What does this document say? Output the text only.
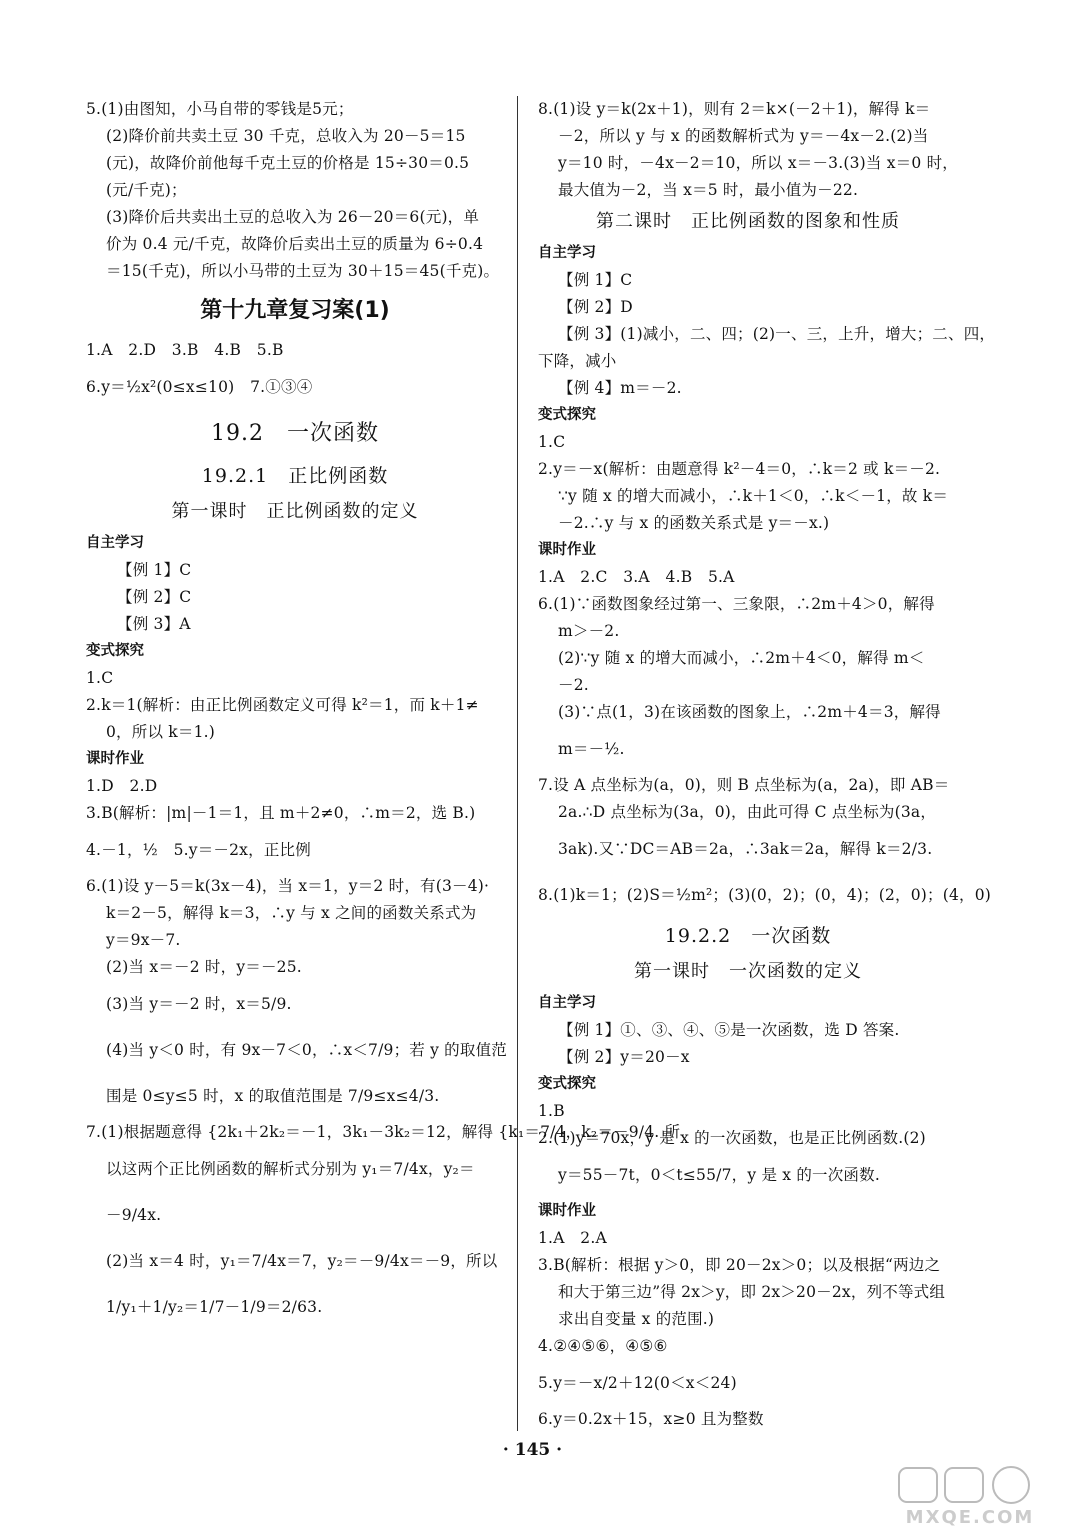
5.(1)由图知，小马自带的零钱是5元；
(2)降价前共卖土豆 30 千克，总收入为 20－5＝15
(元)，故降价前他每千克土豆的价格是 15÷30＝0.5
(元/千克)；
(3)降价后共卖出土豆的总收入为 26－20＝6(元)，单
价为 0.4 元/千克，故降价后卖出土豆的质量为 6÷0.4
＝15(千克)，所以小马带的土豆为 30＋15＝45(千克)。
第十九章复习案(1)
1.A　2.D　3.B　4.B　5.B
6.y＝½x²(0≤x≤10)　7.①③④
19.2　一次函数
19.2.1　正比例函数
第一课时　正比例函数的定义
自主学习
【例 1】C
【例 2】C
【例 3】A
变式探究
1.C
2.k＝1(解析：由正比例函数定义可得 k²＝1，而 k＋1≠
0，所以 k＝1.)
课时作业
1.D　2.D
3.B(解析：|m|－1＝1，且 m＋2≠0，∴m＝2，选 B.)
4.－1，½　5.y＝－2x，正比例
6.(1)设 y－5＝k(3x－4)，当 x＝1，y＝2 时，有(3－4)·
k＝2－5，解得 k＝3，∴y 与 x 之间的函数关系式为
y＝9x－7.
(2)当 x＝－2 时，y＝－25.
(3)当 y＝－2 时，x＝5/9.
(4)当 y＜0 时，有 9x－7＜0，∴x＜7/9；若 y 的取值范
围是 0≤y≤5 时，x 的取值范围是 7/9≤x≤4/3.
7.(1)根据题意得 {2k₁＋2k₂＝－1，3k₁－3k₂＝12，解得 {k₁＝7/4，k₂＝－9/4. 所
以这两个正比例函数的解析式分别为 y₁＝7/4x，y₂＝
－9/4x.
(2)当 x＝4 时，y₁＝7/4x＝7，y₂＝－9/4x＝－9，所以
1/y₁＋1/y₂＝1/7－1/9＝2/63.
8.(1)设 y＝k(2x＋1)，则有 2＝k×(－2＋1)，解得 k＝
－2，所以 y 与 x 的函数解析式为 y＝－4x－2.(2)当
y＝10 时，－4x－2＝10，所以 x＝－3.(3)当 x＝0 时，
最大值为－2，当 x＝5 时，最小值为－22.
第二课时　正比例函数的图象和性质
自主学习
【例 1】C
【例 2】D
【例 3】(1)减小，二、四；(2)一、三，上升，增大；二、四，
下降，减小
【例 4】m＝－2.
变式探究
1.C
2.y＝－x(解析：由题意得 k²－4＝0，∴k＝2 或 k＝－2.
∵y 随 x 的增大而减小，∴k＋1＜0，∴k＜－1，故 k＝
－2.∴y 与 x 的函数关系式是 y＝－x.)
课时作业
1.A　2.C　3.A　4.B　5.A
6.(1)∵函数图象经过第一、三象限，∴2m＋4＞0，解得
m＞－2.
(2)∵y 随 x 的增大而减小，∴2m＋4＜0，解得 m＜
－2.
(3)∵点(1，3)在该函数的图象上，∴2m＋4＝3，解得
m＝－½.
7.设 A 点坐标为(a，0)，则 B 点坐标为(a，2a)，即 AB＝
2a.∴D 点坐标为(3a，0)，由此可得 C 点坐标为(3a，
3ak).又∵DC＝AB＝2a，∴3ak＝2a，解得 k＝2/3.
8.(1)k＝1；(2)S＝½m²；(3)(0，2)；(0，4)；(2，0)；(4，0)
19.2.2　一次函数
第一课时　一次函数的定义
自主学习
【例 1】①、③、④、⑤是一次函数，选 D 答案.
【例 2】y＝20－x
变式探究
1.B
2.(1)y＝70x，y 是 x 的一次函数，也是正比例函数.(2)
y＝55－7t，0＜t≤55/7，y 是 x 的一次函数.
课时作业
1.A　2.A
3.B(解析：根据 y＞0，即 20－2x＞0；以及根据“两边之
和大于第三边”得 2x＞y，即 2x＞20－2x，列不等式组
求出自变量 x 的范围.)
4.②④⑤⑥，④⑤⑥
5.y＝－x/2＋12(0＜x＜24)
6.y＝0.2x＋15，x≥0 且为整数
· 145 ·
MXQE.COM
